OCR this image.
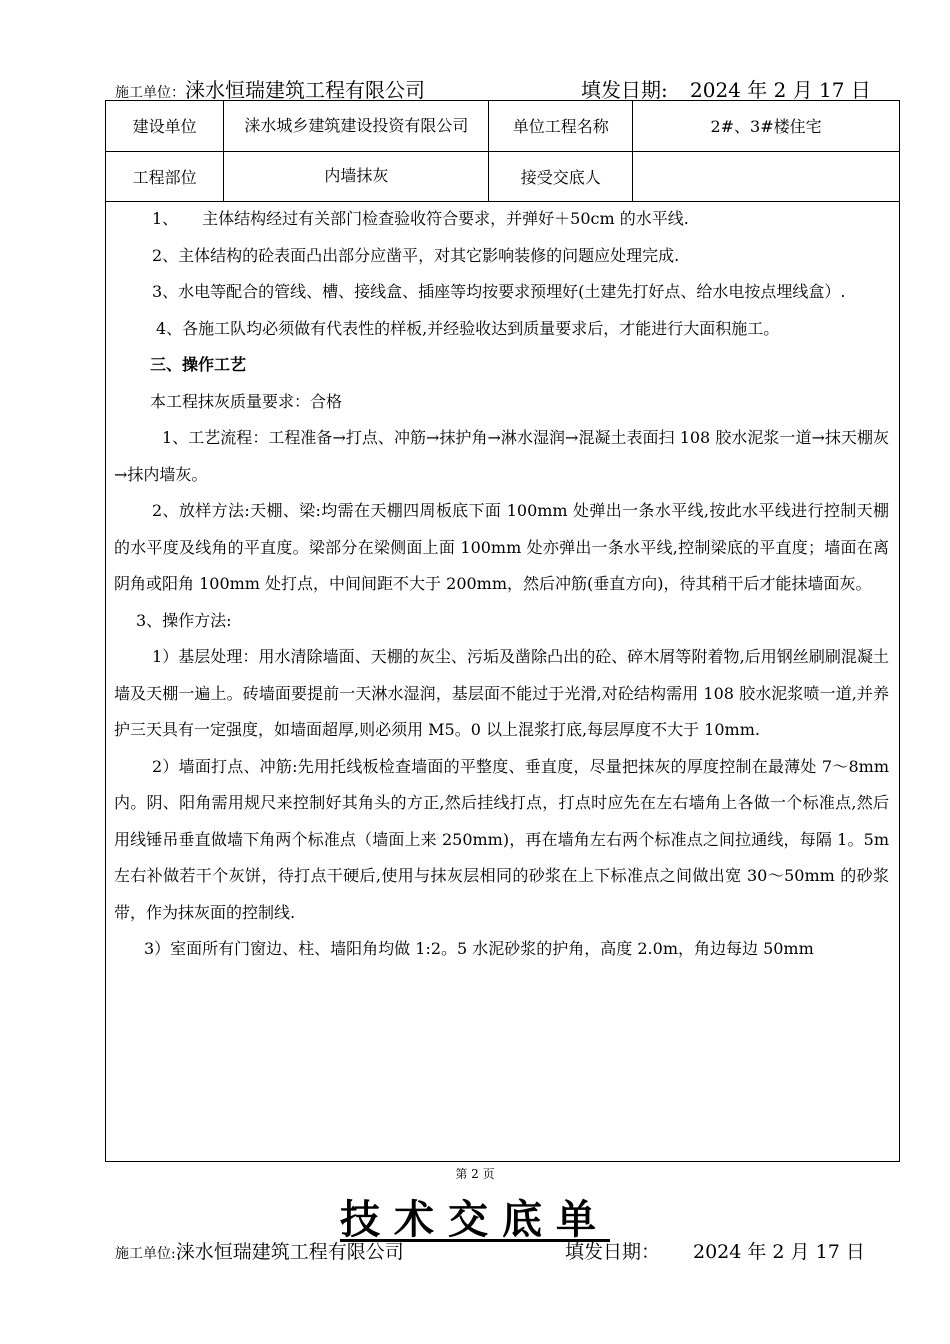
施工单位：涞水恒瑞建筑工程有限公司	填发日期: 2024 年 2 月 17 日
建设单位	涞水城乡建筑建设投资有限公司	单位工程名称	2#、3#楼住宅
工程部位	内墙抹灰	接受交底人	

1、　　主体结构经过有关部门检查验收符合要求，并弹好＋50cm 的水平线.

2、主体结构的砼表面凸出部分应凿平，对其它影响装修的问题应处理完成.

3、水电等配合的管线、槽、接线盒、插座等均按要求预埋好(土建先打好点、给水电按点埋线盒）.

4、各施工队均必须做有代表性的样板,并经验收达到质量要求后，才能进行大面积施工。

三、操作工艺

本工程抹灰质量要求：合格

1、工艺流程：工程准备→打点、冲筋→抹护角→淋水湿润→混凝土表面扫 108 胶水泥浆一道→抹天棚灰→抹内墙灰。

2、放样方法:天棚、梁:均需在天棚四周板底下面 100mm 处弹出一条水平线,按此水平线进行控制天棚的水平度及线角的平直度。梁部分在梁侧面上面 100mm 处亦弹出一条水平线,控制梁底的平直度；墙面在离阴角或阳角 100mm 处打点，中间间距不大于 200mm，然后冲筋(垂直方向)，待其稍干后才能抹墙面灰。

3、操作方法:

1）基层处理：用水清除墙面、天棚的灰尘、污垢及凿除凸出的砼、碎木屑等附着物,后用钢丝刷刷混凝土墙及天棚一遍上。砖墙面要提前一天淋水湿润，基层面不能过于光滑,对砼结构需用 108 胶水泥浆喷一道,并养护三天具有一定强度，如墙面超厚,则必须用 M5。0 以上混浆打底,每层厚度不大于 10mm.

2）墙面打点、冲筋:先用托线板检查墙面的平整度、垂直度，尽量把抹灰的厚度控制在最薄处 7～8mm 内。阴、阳角需用规尺来控制好其角头的方正,然后挂线打点，打点时应先在左右墙角上各做一个标准点,然后用线锤吊垂直做墙下角两个标准点（墙面上来 250mm)，再在墙角左右两个标准点之间拉通线，每隔 1。5m 左右补做若干个灰饼，待打点干硬后,使用与抹灰层相同的砂浆在上下标准点之间做出宽 30～50mm 的砂浆带，作为抹灰面的控制线.

3）室面所有门窗边、柱、墙阳角均做 1:2。5 水泥砂浆的护角，高度 2.0m，角边每边 50mm

第 2 页
技术交底单
施工单位:涞水恒瑞建筑工程有限公司	填发日期： 2024 年 2 月 17 日
